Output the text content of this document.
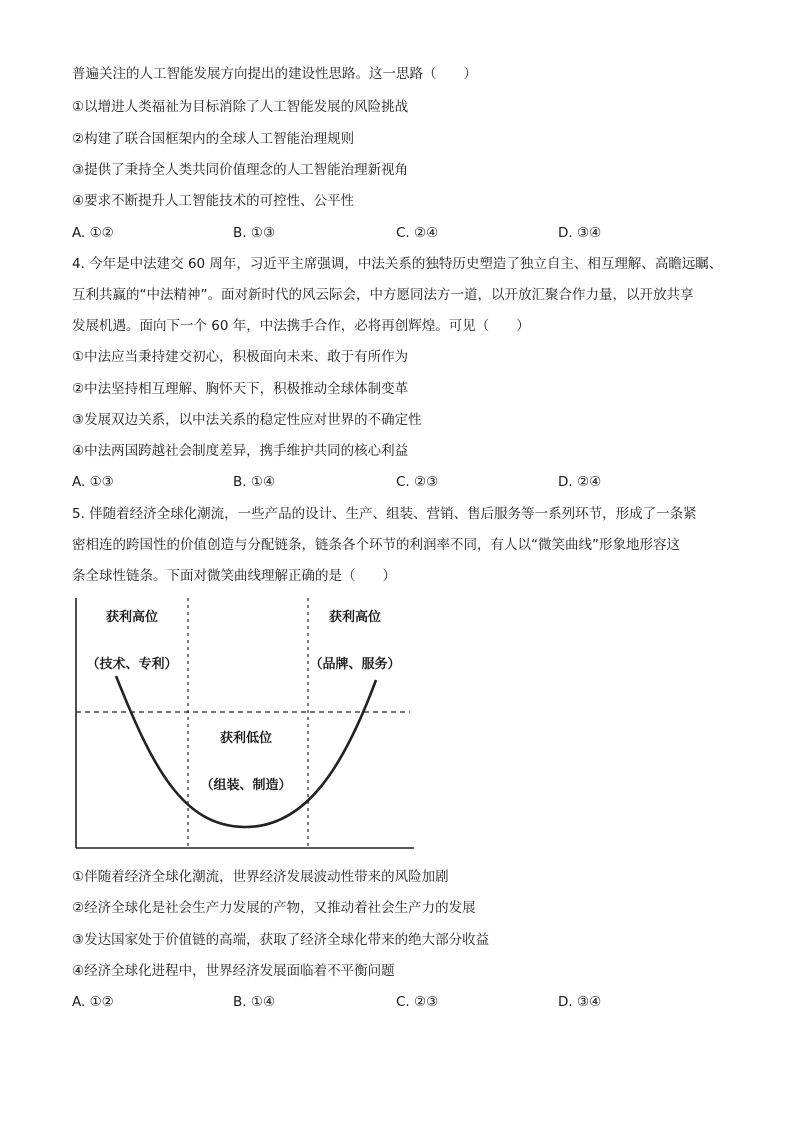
普遍关注的人工智能发展方向提出的建设性思路。这一思路（　　）
①以增进人类福祉为目标消除了人工智能发展的风险挑战
②构建了联合国框架内的全球人工智能治理规则
③提供了秉持全人类共同价值理念的人工智能治理新视角
④要求不断提升人工智能技术的可控性、公平性
A. ①②	B. ①③	C. ②④	D. ③④
4. 今年是中法建交 60 周年，习近平主席强调，中法关系的独特历史塑造了独立自主、相互理解、高瞻远瞩、
互利共赢的“中法精神”。面对新时代的风云际会，中方愿同法方一道，以开放汇聚合作力量，以开放共享
发展机遇。面向下一个 60 年，中法携手合作，必将再创辉煌。可见（　　）
①中法应当秉持建交初心，积极面向未来、敢于有所作为
②中法坚持相互理解、胸怀天下，积极推动全球体制变革
③发展双边关系，以中法关系的稳定性应对世界的不确定性
④中法两国跨越社会制度差异，携手维护共同的核心利益
A. ①③	B. ①④	C. ②③	D. ②④
5. 伴随着经济全球化潮流，一些产品的设计、生产、组装、营销、售后服务等一系列环节，形成了一条紧
密相连的跨国性的价值创造与分配链条，链条各个环节的利润率不同，有人以“微笑曲线”形象地形容这
条全球性链条。下面对微笑曲线理解正确的是（　　）
获利高位
（技术、专利）
获利高位
（品牌、服务）
获利低位
（组装、制造）
①伴随着经济全球化潮流，世界经济发展波动性带来的风险加剧
②经济全球化是社会生产力发展的产物，又推动着社会生产力的发展
③发达国家处于价值链的高端，获取了经济全球化带来的绝大部分收益
④经济全球化进程中，世界经济发展面临着不平衡问题
A. ①②	B. ①④	C. ②③	D. ③④
